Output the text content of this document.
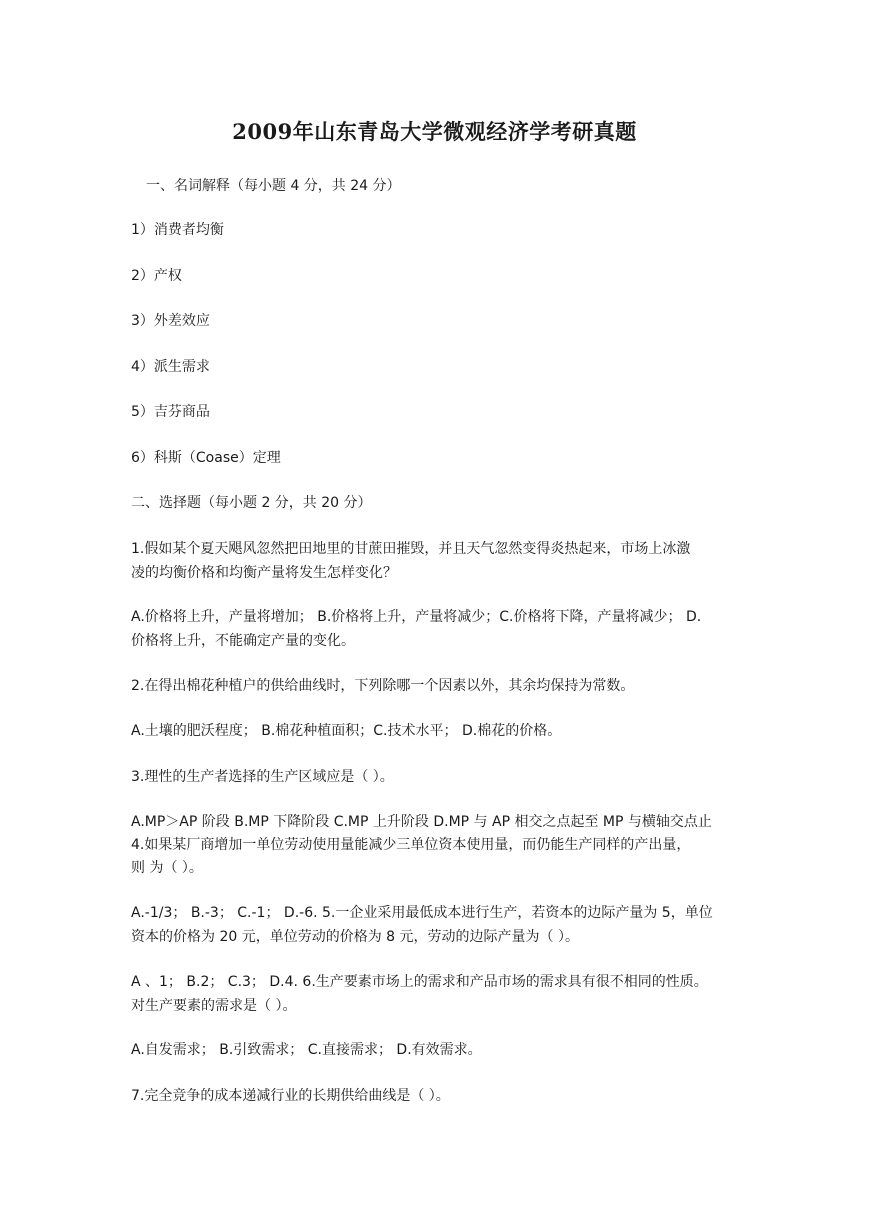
2009年山东青岛大学微观经济学考研真题
一、名词解释（每小题 4 分，共 24 分）
1）消费者均衡
2）产权
3）外差效应
4）派生需求
5）吉芬商品
6）科斯（Coase）定理
二、选择题（每小题 2 分，共 20 分）
1.假如某个夏天飓风忽然把田地里的甘蔗田摧毁，并且天气忽然变得炎热起来，市场上冰激
凌的均衡价格和均衡产量将发生怎样变化？
A.价格将上升，产量将增加； B.价格将上升，产量将减少；C.价格将下降，产量将减少； D.
价格将上升，不能确定产量的变化。
2.在得出棉花种植户的供给曲线时，下列除哪一个因素以外，其余均保持为常数。
A.土壤的肥沃程度； B.棉花种植面积；C.技术水平； D.棉花的价格。
3.理性的生产者选择的生产区域应是（ ）。
A.MP＞AP 阶段 B.MP 下降阶段 C.MP 上升阶段 D.MP 与 AP 相交之点起至 MP 与横轴交点止
4.如果某厂商增加一单位劳动使用量能减少三单位资本使用量，而仍能生产同样的产出量，
则 为（ ）。
A.-1/3； B.-3； C.-1； D.-6. 5.一企业采用最低成本进行生产，若资本的边际产量为 5，单位
资本的价格为 20 元，单位劳动的价格为 8 元，劳动的边际产量为（ ）。
A 、1； B.2； C.3； D.4. 6.生产要素市场上的需求和产品市场的需求具有很不相同的性质。
对生产要素的需求是（ ）。
A.自发需求； B.引致需求； C.直接需求； D.有效需求。
7.完全竞争的成本递减行业的长期供给曲线是（ ）。
